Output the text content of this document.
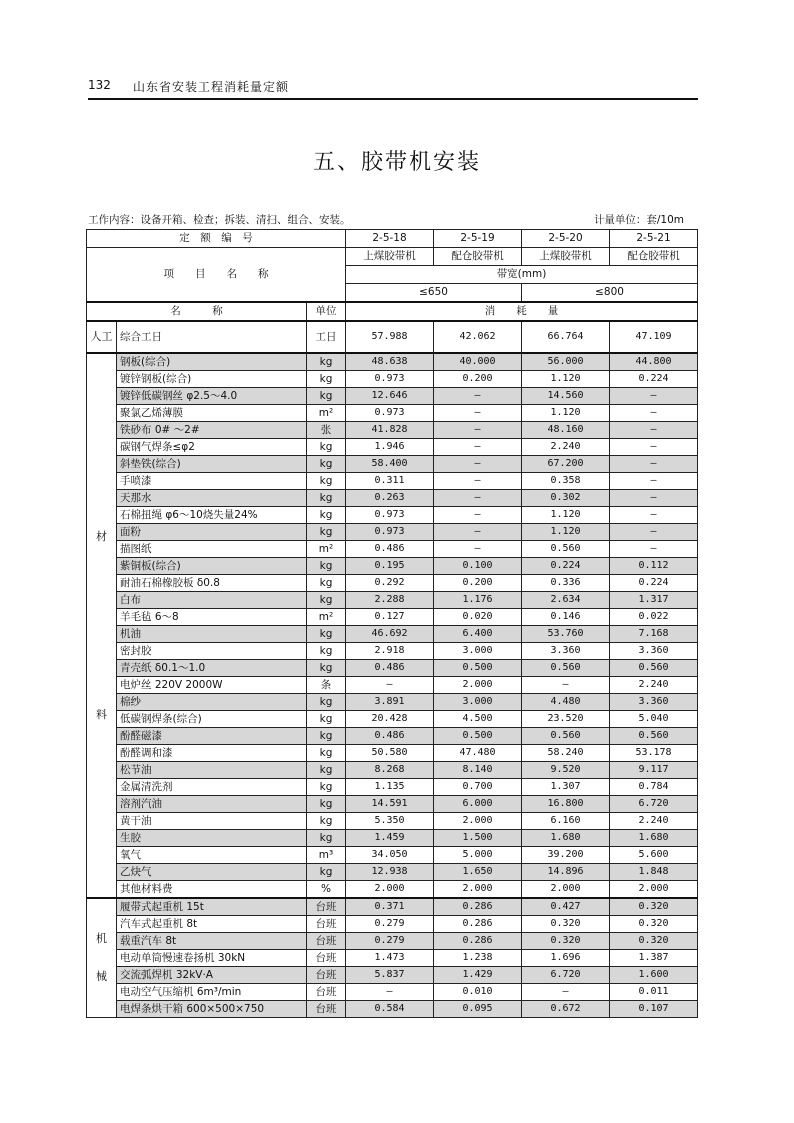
132 山东省安装工程消耗量定额
五、胶带机安装
工作内容：设备开箱、检查；拆装、清扫、组合、安装。	计量单位：套/10m
定　额　编　号			2-5-18	2-5-19	2-5-20	2-5-21
项　　目　　名　　称			上煤胶带机	配仓胶带机	上煤胶带机	配仓胶带机
			带宽(mm)			
			≤650		≤800	
名　　　称		单位	消　　耗　　量			
人工	综合工日	工日	57.988	42.062	66.764	47.109

材
料	钢板(综合)	kg	48.638	40.000	56.000	44.800
	镀锌钢板(综合)	kg	0.973	0.200	1.120	0.224
	镀锌低碳钢丝 φ2.5～4.0	kg	12.646	—	14.560	—
	聚氯乙烯薄膜	m²	0.973	—	1.120	—
	铁砂布 0# ～2#	张	41.828	—	48.160	—
	碳钢气焊条≤φ2	kg	1.946	—	2.240	—
	斜垫铁(综合)	kg	58.400	—	67.200	—
	手喷漆	kg	0.311	—	0.358	—
	天那水	kg	0.263	—	0.302	—
	石棉扭绳 φ6～10烧失量24%	kg	0.973	—	1.120	—
	面粉	kg	0.973	—	1.120	—
	描图纸	m²	0.486	—	0.560	—
	紫铜板(综合)	kg	0.195	0.100	0.224	0.112
	耐油石棉橡胶板 δ0.8	kg	0.292	0.200	0.336	0.224
	白布	kg	2.288	1.176	2.634	1.317
	羊毛毡 6～8	m²	0.127	0.020	0.146	0.022
	机油	kg	46.692	6.400	53.760	7.168
	密封胶	kg	2.918	3.000	3.360	3.360
	青壳纸 δ0.1～1.0	kg	0.486	0.500	0.560	0.560
	电炉丝 220V 2000W	条	—	2.000	—	2.240
	棉纱	kg	3.891	3.000	4.480	3.360
	低碳钢焊条(综合)	kg	20.428	4.500	23.520	5.040
	酚醛磁漆	kg	0.486	0.500	0.560	0.560
	酚醛调和漆	kg	50.580	47.480	58.240	53.178
	松节油	kg	8.268	8.140	9.520	9.117
	金属清洗剂	kg	1.135	0.700	1.307	0.784
	溶剂汽油	kg	14.591	6.000	16.800	6.720
	黄干油	kg	5.350	2.000	6.160	2.240
	生胶	kg	1.459	1.500	1.680	1.680
	氧气	m³	34.050	5.000	39.200	5.600
	乙炔气	kg	12.938	1.650	14.896	1.848
	其他材料费	%	2.000	2.000	2.000	2.000

机
械	履带式起重机 15t	台班	0.371	0.286	0.427	0.320
	汽车式起重机 8t	台班	0.279	0.286	0.320	0.320
	载重汽车 8t	台班	0.279	0.286	0.320	0.320
	电动单筒慢速卷扬机 30kN	台班	1.473	1.238	1.696	1.387
	交流弧焊机 32kV·A	台班	5.837	1.429	6.720	1.600
	电动空气压缩机 6m³/min	台班	—	0.010	—	0.011
	电焊条烘干箱 600×500×750	台班	0.584	0.095	0.672	0.107
